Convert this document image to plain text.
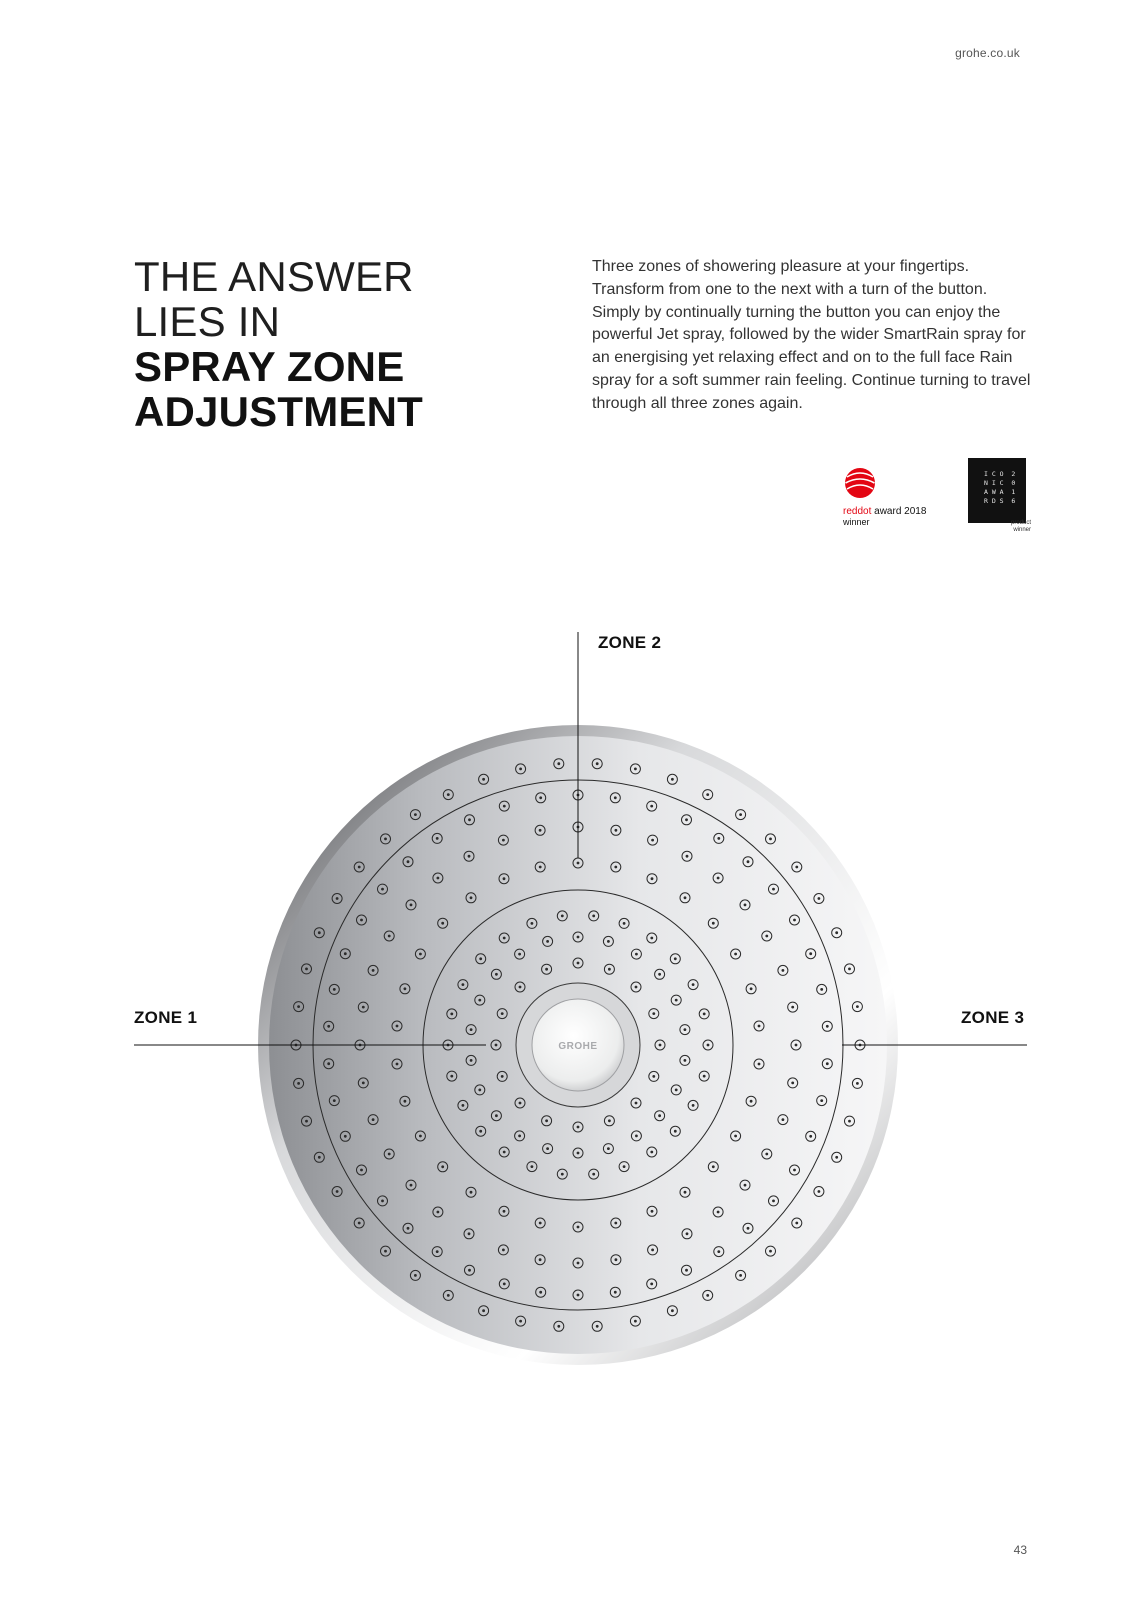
grohe.co.uk
THE ANSWER
LIES IN
SPRAY ZONE
ADJUSTMENT

Three zones of showering pleasure at your fingertips. Transform from one to the next with a turn of the button. Simply by continually turning the button you can enjoy the powerful Jet spray, followed by the wider SmartRain spray for an energising yet relaxing effect and on to the full face Rain spray for a soft summer rain feeling. Continue turning to travel through all three zones again.

reddot award 2018
winner
I C O  2
N I C  0
A W A  1
R D S  6
product winner
GROHE
ZONE 1
ZONE 2
ZONE 3
43
